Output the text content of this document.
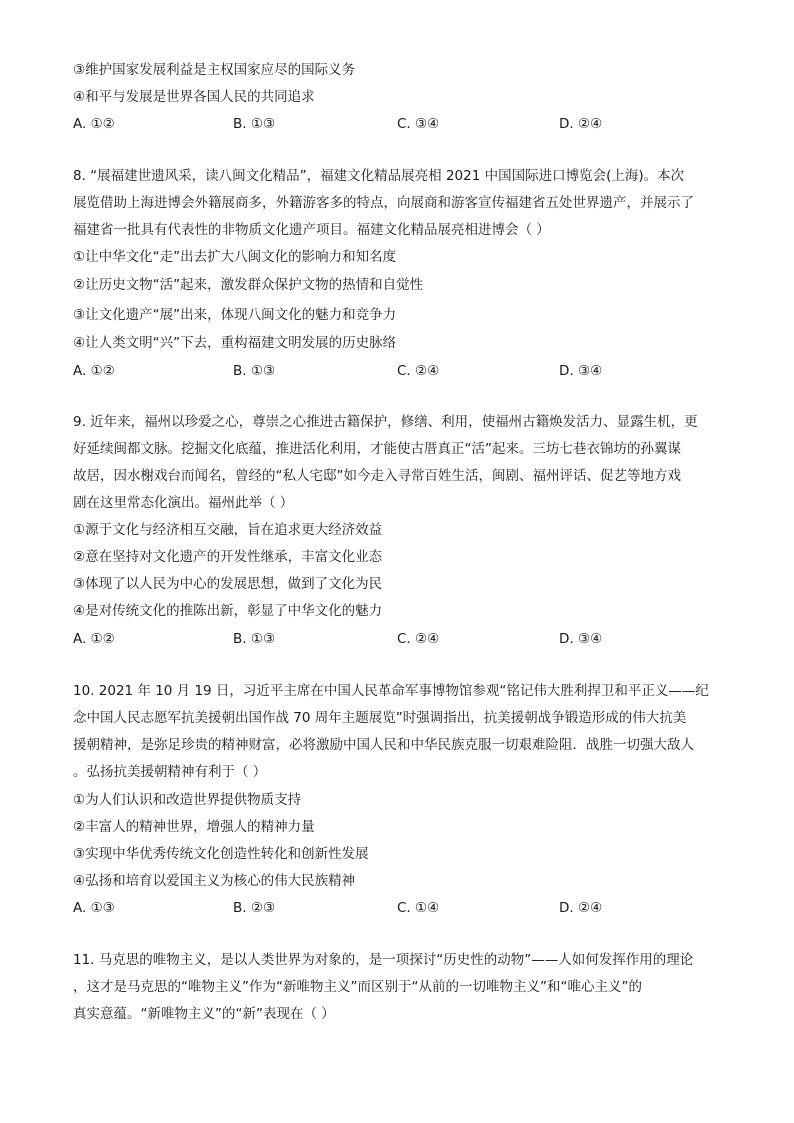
③维护国家发展利益是主权国家应尽的国际义务
④和平与发展是世界各国人民的共同追求
A. ①②	B. ①③	C. ③④	D. ②④
8. “展福建世遗风采，读八闽文化精品”，福建文化精品展亮相 2021 中国国际进口博览会(上海)。本次
展览借助上海进博会外籍展商多，外籍游客多的特点，向展商和游客宣传福建省五处世界遗产，并展示了
福建省一批具有代表性的非物质文化遗产项目。福建文化精品展亮相进博会（ ）
①让中华文化“走”出去扩大八闽文化的影响力和知名度
②让历史文物“活”起来，激发群众保护文物的热情和自觉性
③让文化遗产“展”出来，体现八闽文化的魅力和竞争力
④让人类文明“兴”下去，重构福建文明发展的历史脉络
A. ①②	B. ①③	C. ②④	D. ③④
9. 近年来，福州以珍爱之心，尊崇之心推进古籍保护，修缮、利用，使福州古籍焕发活力、显露生机，更
好延续闽都文脉。挖掘文化底蕴，推进活化利用，才能使古厝真正“活”起来。三坊七巷衣锦坊的孙翼谋
故居，因水榭戏台而闻名，曾经的“私人宅邸”如今走入寻常百姓生活，闽剧、福州评话、促艺等地方戏
剧在这里常态化演出。福州此举（ ）
①源于文化与经济相互交融，旨在追求更大经济效益
②意在坚持对文化遗产的开发性继承，丰富文化业态
③体现了以人民为中心的发展思想，做到了文化为民
④是对传统文化的推陈出新，彰显了中华文化的魅力
A. ①②	B. ①③	C. ②④	D. ③④
10. 2021 年 10 月 19 日，习近平主席在中国人民革命军事博物馆参观“铭记伟大胜利捍卫和平正义——纪
念中国人民志愿军抗美援朝出国作战 70 周年主题展览”时强调指出，抗美援朝战争锻造形成的伟大抗美
援朝精神，是弥足珍贵的精神财富，必将激励中国人民和中华民族克服一切艰难险阻．战胜一切强大敌人
。弘扬抗美援朝精神有利于（ ）
①为人们认识和改造世界提供物质支持
②丰富人的精神世界，增强人的精神力量
③实现中华优秀传统文化创造性转化和创新性发展
④弘扬和培育以爱国主义为核心的伟大民族精神
A. ①③	B. ②③	C. ①④	D. ②④
11. 马克思的唯物主义，是以人类世界为对象的，是一项探讨“历史性的动物”——人如何发挥作用的理论
，这才是马克思的“唯物主义”作为“新唯物主义”而区别于“从前的一切唯物主义”和“唯心主义”的
真实意蕴。“新唯物主义”的“新”表现在（ ）
